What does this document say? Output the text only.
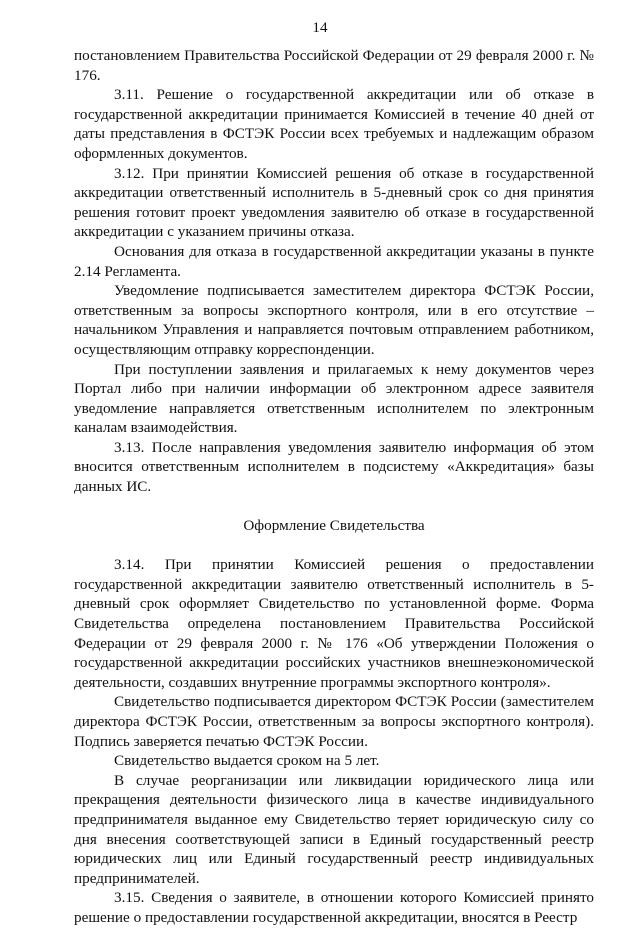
14

постановлением Правительства Российской Федерации от 29 февраля 2000 г. № 176.

3.11. Решение о государственной аккредитации или об отказе в государственной аккредитации принимается Комиссией в течение 40 дней от даты представления в ФСТЭК России всех требуемых и надлежащим образом оформленных документов.

3.12. При принятии Комиссией решения об отказе в государственной аккредитации ответственный исполнитель в 5-дневный срок со дня принятия решения готовит проект уведомления заявителю об отказе в государственной аккредитации с указанием причины отказа.

Основания для отказа в государственной аккредитации указаны в пункте 2.14 Регламента.

Уведомление подписывается заместителем директора ФСТЭК России, ответственным за вопросы экспортного контроля, или в его отсутствие – начальником Управления и направляется почтовым отправлением работником, осуществляющим отправку корреспонденции.

При поступлении заявления и прилагаемых к нему документов через Портал либо при наличии информации об электронном адресе заявителя уведомление направляется ответственным исполнителем по электронным каналам взаимодействия.

3.13. После направления уведомления заявителю информация об этом вносится ответственным исполнителем в подсистему «Аккредитация» базы данных ИС.

Оформление Свидетельства

3.14. При принятии Комиссией решения о предоставлении государственной аккредитации заявителю ответственный исполнитель в 5-дневный срок оформляет Свидетельство по установленной форме. Форма Свидетельства определена постановлением Правительства Российской Федерации от 29 февраля 2000 г. № 176 «Об утверждении Положения о государственной аккредитации российских участников внешнеэкономической деятельности, создавших внутренние программы экспортного контроля».

Свидетельство подписывается директором ФСТЭК России (заместителем директора ФСТЭК России, ответственным за вопросы экспортного контроля). Подпись заверяется печатью ФСТЭК России.

Свидетельство выдается сроком на 5 лет.

В случае реорганизации или ликвидации юридического лица или прекращения деятельности физического лица в качестве индивидуального предпринимателя выданное ему Свидетельство теряет юридическую силу со дня внесения соответствующей записи в Единый государственный реестр юридических лиц или Единый государственный реестр индивидуальных предпринимателей.

3.15. Сведения о заявителе, в отношении которого Комиссией принято решение о предоставлении государственной аккредитации, вносятся в Реестр
